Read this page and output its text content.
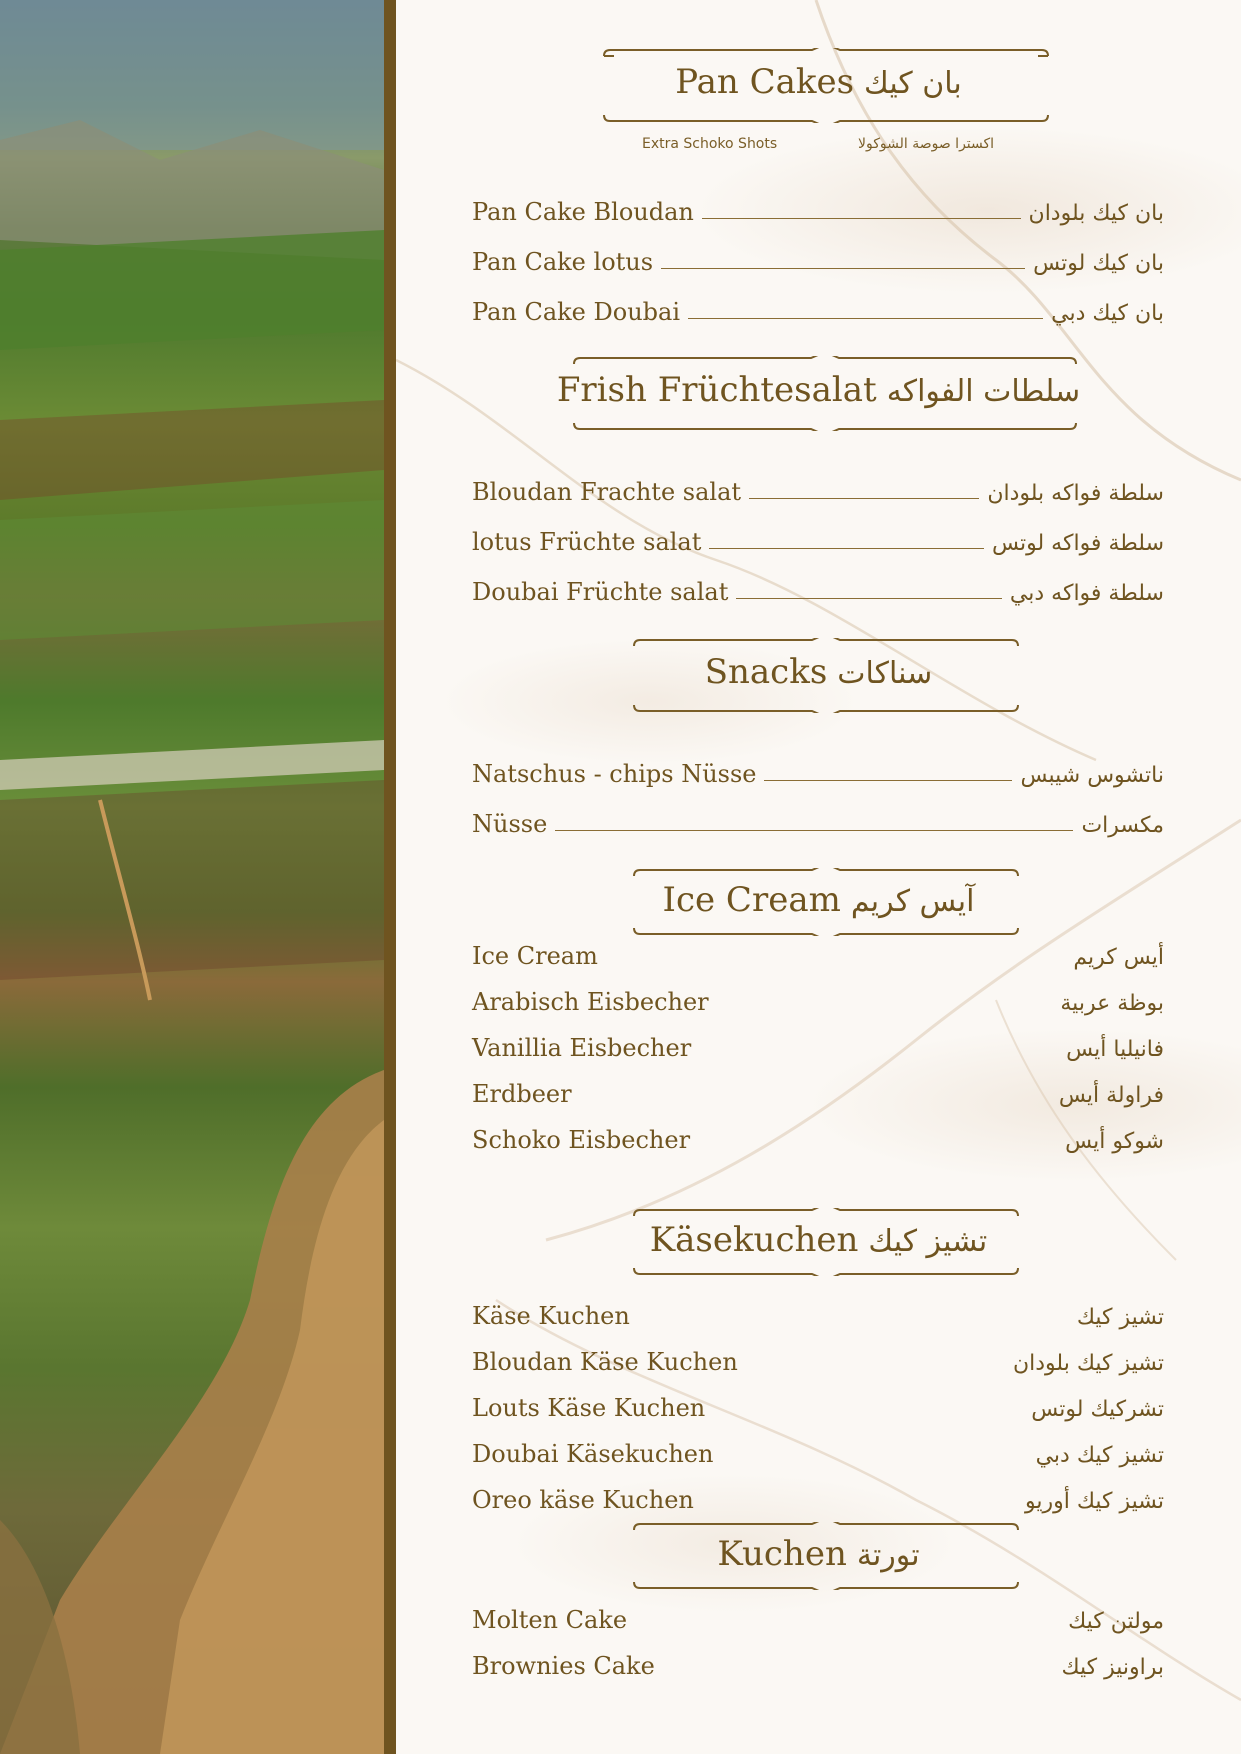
Pan Cakes بان كيك
Extra Schoko Shots	اكسترا صوصة الشوكولا
Pan Cake Bloudan	بان كيك بلودان
Pan Cake lotus	بان كيك لوتس
Pan Cake Doubai	بان كيك دبي
Frish Früchtesalat سلطات الفواكه
Bloudan Frachte salat	سلطة فواكه بلودان
lotus Früchte salat	سلطة فواكه لوتس
Doubai Früchte salat	سلطة فواكه دبي
Snacks سناكات
Natschus - chips Nüsse	ناتشوس شيبس
Nüsse	مكسرات
Ice Cream آيس كريم
Ice Cream	أيس كريم
Arabisch Eisbecher	بوظة عربية
Vanillia Eisbecher	فانيليا أيس
Erdbeer	فراولة أيس
Schoko Eisbecher	شوكو أيس
Käsekuchen تشيز كيك
Käse Kuchen	تشيز كيك
Bloudan Käse Kuchen	تشيز كيك بلودان
Louts Käse Kuchen	تشركيك لوتس
Doubai Käsekuchen	تشيز كيك دبي
Oreo käse Kuchen	تشيز كيك أوريو
Kuchen تورتة
Molten Cake	مولتن كيك
Brownies Cake	براونيز كيك
